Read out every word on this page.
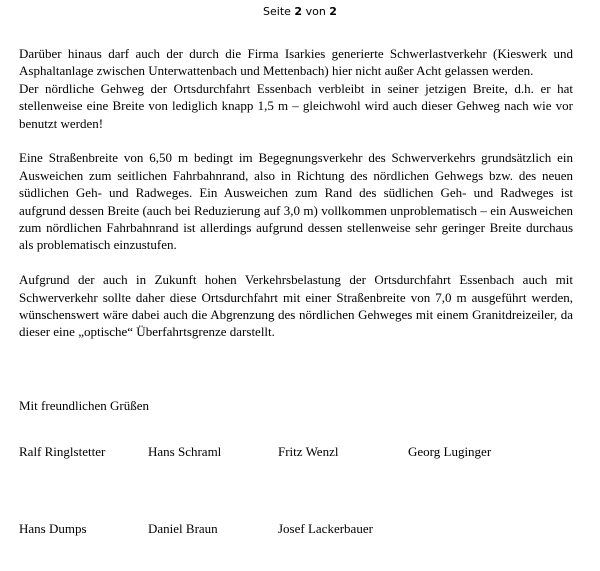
Seite 2 von 2

Darüber hinaus darf auch der durch die Firma Isarkies generierte Schwerlastverkehr (Kieswerk und Asphaltanlage zwischen Unterwattenbach und Mettenbach) hier nicht außer Acht gelassen werden.
Der nördliche Gehweg der Ortsdurchfahrt Essenbach verbleibt in seiner jetzigen Breite, d.h. er hat stellenweise eine Breite von lediglich knapp 1,5 m – gleichwohl wird auch dieser Gehweg nach wie vor benutzt werden!

Eine Straßenbreite von 6,50 m bedingt im Begegnungsverkehr des Schwerverkehrs grundsätzlich ein Ausweichen zum seitlichen Fahrbahnrand, also in Richtung des nördlichen Gehwegs bzw. des neuen südlichen Geh- und Radweges. Ein Ausweichen zum Rand des südlichen Geh- und Radweges ist aufgrund dessen Breite (auch bei Reduzierung auf 3,0 m) vollkommen unproblematisch – ein Ausweichen zum nördlichen Fahrbahnrand ist allerdings aufgrund dessen stellenweise sehr geringer Breite durchaus als problematisch einzustufen.

Aufgrund der auch in Zukunft hohen Verkehrsbelastung der Ortsdurchfahrt Essenbach auch mit Schwerverkehr sollte daher diese Ortsdurchfahrt mit einer Straßenbreite von 7,0 m ausgeführt werden, wünschenswert wäre dabei auch die Abgrenzung des nördlichen Gehweges mit einem Granitdreizeiler, da dieser eine „optische“ Überfahrtsgrenze darstellt.

Mit freundlichen Grüßen
Ralf Ringlstetter	Hans Schraml	Fritz Wenzl	Georg Luginger
Hans Dumps	Daniel Braun	Josef Lackerbauer
